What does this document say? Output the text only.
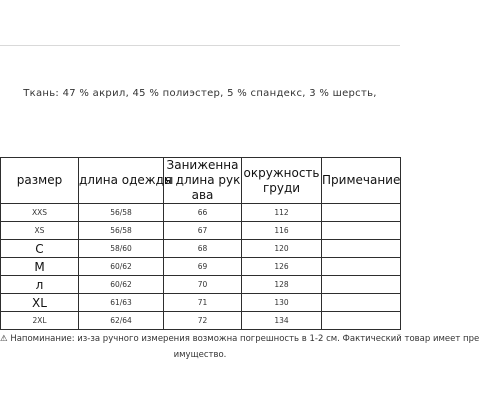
Ткань: 47 % акрил, 45 % полиэстер, 5 % спандекс, 3 % шерсть,
размер	длина одежды	Заниженная длина рукава	окружность груди	Примечание
XXS	56/58	66	112	
XS	56/58	67	116	
C	58/60	68	120	
M	60/62	69	126	
л	60/62	70	128	
XL	61/63	71	130	
2XL	62/64	72	134	
⚠ Напоминание: из-за ручного измерения возможна погрешность в 1-2 см. Фактический товар имеет пре
имущество.
